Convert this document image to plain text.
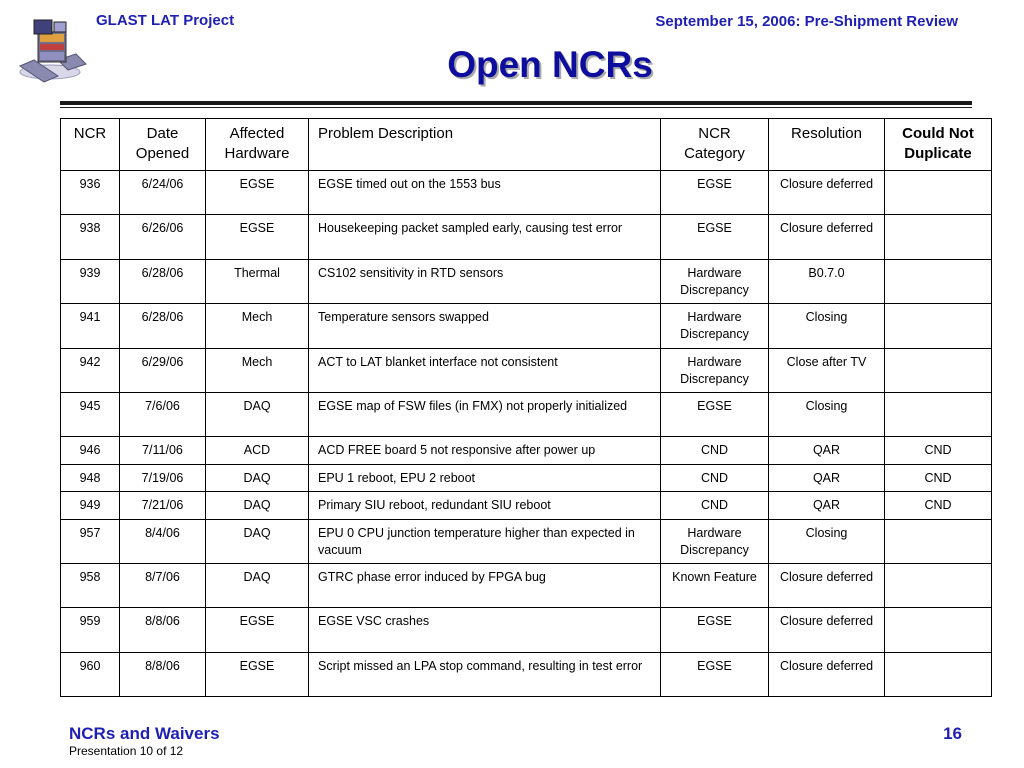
GLAST LAT Project	September 15, 2006: Pre-Shipment Review
Open NCRs
NCR	Date Opened	Affected Hardware	Problem Description	NCR Category	Resolution	Could Not Duplicate
936	6/24/06	EGSE	EGSE timed out on the 1553 bus	EGSE	Closure deferred	
938	6/26/06	EGSE	Housekeeping packet sampled early, causing test error	EGSE	Closure deferred	
939	6/28/06	Thermal	CS102 sensitivity in RTD sensors	Hardware Discrepancy	B0.7.0	
941	6/28/06	Mech	Temperature sensors swapped	Hardware Discrepancy	Closing	
942	6/29/06	Mech	ACT to LAT blanket interface not consistent	Hardware Discrepancy	Close after TV	
945	7/6/06	DAQ	EGSE map of FSW files (in FMX) not properly initialized	EGSE	Closing	
946	7/11/06	ACD	ACD FREE board 5 not responsive after power up	CND	QAR	CND
948	7/19/06	DAQ	EPU 1 reboot, EPU 2 reboot	CND	QAR	CND
949	7/21/06	DAQ	Primary SIU reboot, redundant SIU reboot	CND	QAR	CND
957	8/4/06	DAQ	EPU 0 CPU junction temperature higher than expected in vacuum	Hardware Discrepancy	Closing	
958	8/7/06	DAQ	GTRC phase error induced by FPGA bug	Known Feature	Closure deferred	
959	8/8/06	EGSE	EGSE VSC crashes	EGSE	Closure deferred	
960	8/8/06	EGSE	Script missed an LPA stop command, resulting in test error	EGSE	Closure deferred	
NCRs and Waivers
Presentation 10 of 12
16
